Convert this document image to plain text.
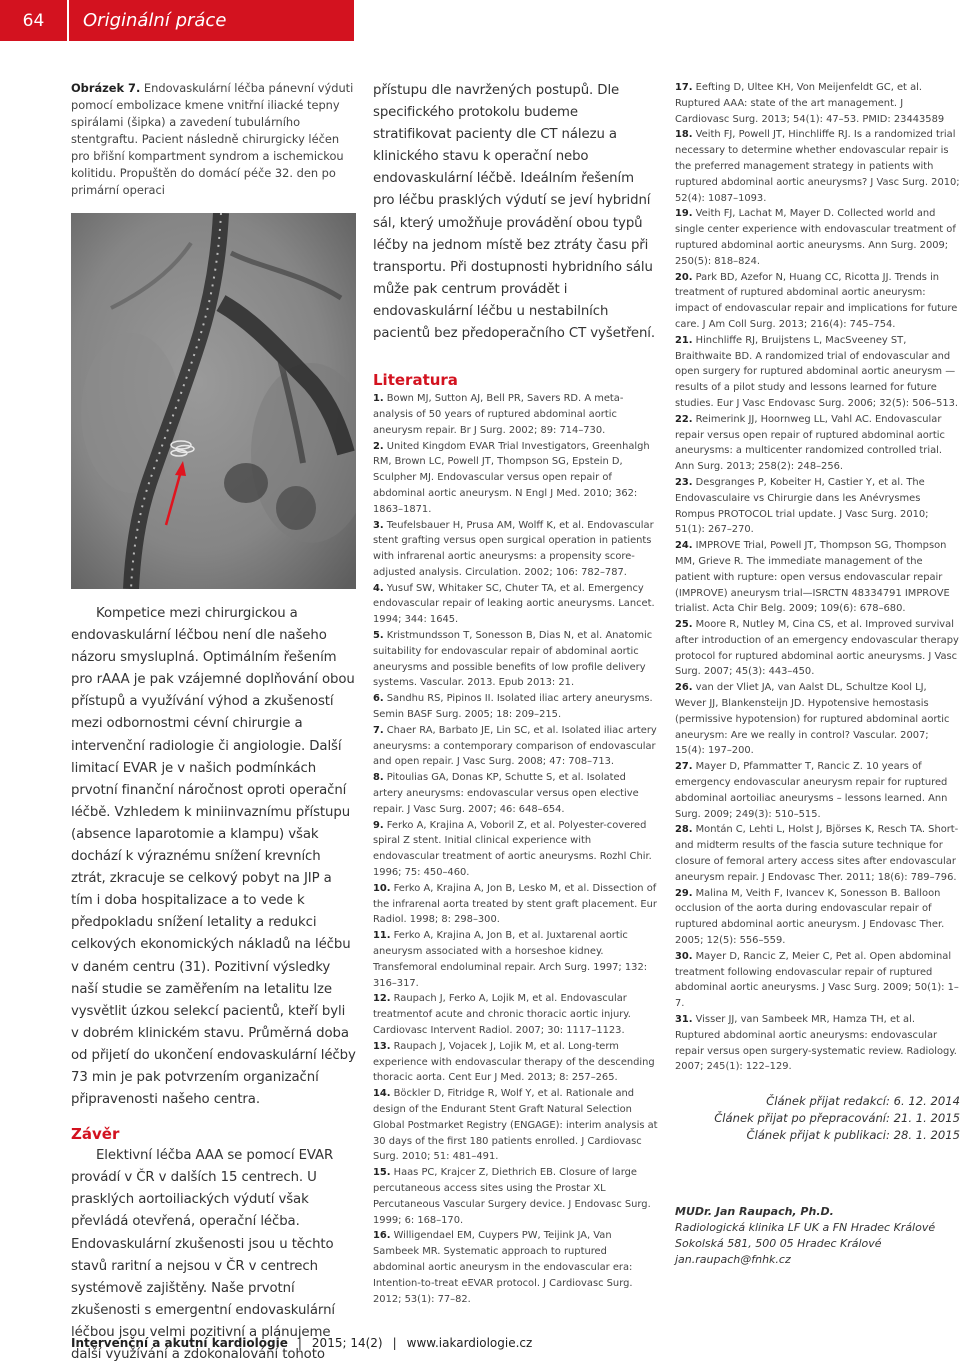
64	Originální práce

Obrázek 7. Endovaskulární léčba pánevní výduti pomocí embolizace kmene vnitřní iliacké tepny spirálami (šipka) a zavedení tubulárního stentgraftu. Pacient následně chirurgicky léčen pro břišní kompartment syndrom a ischemickou kolitidu. Propuštěn do domácí péče 32. den po primární operaci

Kompetice mezi chirurgickou a endovaskulární léčbou není dle našeho názoru smysluplná. Optimálním řešením pro rAAA je pak vzájemné doplňování obou přístupů a využívání výhod a zkušeností mezi odbornostmi cévní chirurgie a intervenční radiologie či angiologie. Další limitací EVAR je v našich podmínkách prvotní finanční náročnost oproti operační léčbě. Vzhledem k miniinvaznímu přístupu (absence laparotomie a klampu) však dochází k výraznému snížení krevních ztrát, zkracuje se celkový pobyt na JIP a tím i doba hospitalizace a to vede k předpokladu snížení letality a redukci celkových ekonomických nákladů na léčbu v daném centru (31). Pozitivní výsledky naší studie se zaměřením na letalitu lze vysvětlit úzkou selekcí pacientů, kteří byli v dobrém klinickém stavu. Průměrná doba od přijetí do ukončení endovaskulární léčby 73 min je pak potvrzením organizační připravenosti našeho centra.

Závěr

Elektivní léčba AAA se pomocí EVAR provádí v ČR v dalších 15 centrech. U prasklých aortoiliackých výdutí však převládá otevřená, operační léčba. Endovaskulární zkušenosti jsou u těchto stavů raritní a nejsou v ČR v centrech systémově zajištěny. Naše prvotní zkušenosti s emergentní endovaskulární léčbou jsou velmi pozitivní a plánujeme další využívání a zdokonalování tohoto

přístupu dle navržených postupů. Dle specifického protokolu budeme stratifikovat pacienty dle CT nálezu a klinického stavu k operační nebo endovaskulární léčbě. Ideálním řešením pro léčbu prasklých výdutí se jeví hybridní sál, který umožňuje provádění obou typů léčby na jednom místě bez ztráty času při transportu. Při dostupnosti hybridního sálu může pak centrum provádět i endovaskulární léčbu u nestabilních pacientů bez předoperačního CT vyšetření.

Literatura

1. Bown MJ, Sutton AJ, Bell PR, Savers RD. A meta-analysis of 50 years of ruptured abdominal aortic aneurysm repair. Br J Surg. 2002; 89: 714–730.

2. United Kingdom EVAR Trial Investigators, Greenhalgh RM, Brown LC, Powell JT, Thompson SG, Epstein D, Sculpher MJ. Endovascular versus open repair of abdominal aortic aneurysm. N Engl J Med. 2010; 362: 1863–1871.

3. Teufelsbauer H, Prusa AM, Wolff K, et al. Endovascular stent grafting versus open surgical operation in patients with infrarenal aortic aneurysms: a propensity score-adjusted analysis. Circulation. 2002; 106: 782–787.

4. Yusuf SW, Whitaker SC, Chuter TA, et al. Emergency endovascular repair of leaking aortic aneurysms. Lancet. 1994; 344: 1645.

5. Kristmundsson T, Sonesson B, Dias N, et al. Anatomic suitability for endovascular repair of abdominal aortic aneurysms and possible benefits of low profile delivery systems. Vascular. 2013. Epub 2013: 21.

6. Sandhu RS, Pipinos II. Isolated iliac artery aneurysms. Semin BASF Surg. 2005; 18: 209–215.

7. Chaer RA, Barbato JE, Lin SC, et al. Isolated iliac artery aneurysms: a contemporary comparison of endovascular and open repair. J Vasc Surg. 2008; 47: 708–713.

8. Pitoulias GA, Donas KP, Schutte S, et al. Isolated artery aneurysms: endovascular versus open elective repair. J Vasc Surg. 2007; 46: 648–654.

9. Ferko A, Krajina A, Voboril Z, et al. Polyester-covered spiral Z stent. Initial clinical experience with endovascular treatment of aortic aneurysms. Rozhl Chir. 1996; 75: 450–460.

10. Ferko A, Krajina A, Jon B, Lesko M, et al. Dissection of the infrarenal aorta treated by stent graft placement. Eur Radiol. 1998; 8: 298–300.

11. Ferko A, Krajina A, Jon B, et al. Juxtarenal aortic aneurysm associated with a horseshoe kidney. Transfemoral endoluminal repair. Arch Surg. 1997; 132: 316–317.

12. Raupach J, Ferko A, Lojik M, et al. Endovascular treatmentof acute and chronic thoracic aortic injury. Cardiovasc Intervent Radiol. 2007; 30: 1117–1123.

13. Raupach J, Vojacek J, Lojik M, et al. Long-term experience with endovascular therapy of the descending thoracic aorta. Cent Eur J Med. 2013; 8: 257–265.

14. Böckler D, Fitridge R, Wolf Y, et al. Rationale and design of the Endurant Stent Graft Natural Selection Global Postmarket Registry (ENGAGE): interim analysis at 30 days of the first 180 patients enrolled. J Cardiovasc Surg. 2010; 51: 481–491.

15. Haas PC, Krajcer Z, Diethrich EB. Closure of large percutaneous access sites using the Prostar XL Percutaneous Vascular Surgery device. J Endovasc Surg. 1999; 6: 168–170.

16. Willigendael EM, Cuypers PW, Teijink JA, Van Sambeek MR. Systematic approach to ruptured abdominal aortic aneurysm in the endovascular era: Intention-to-treat eEVAR protocol. J Cardiovasc Surg. 2012; 53(1): 77–82.

17. Eefting D, Ultee KH, Von Meijenfeldt GC, et al. Ruptured AAA: state of the art management. J Cardiovasc Surg. 2013; 54(1): 47–53. PMID: 23443589

18. Veith FJ, Powell JT, Hinchliffe RJ. Is a randomized trial necessary to determine whether endovascular repair is the preferred management strategy in patients with ruptured abdominal aortic aneurysms? J Vasc Surg. 2010; 52(4): 1087–1093.

19. Veith FJ, Lachat M, Mayer D. Collected world and single center experience with endovascular treatment of ruptured abdominal aortic aneurysms. Ann Surg. 2009; 250(5): 818–824.

20. Park BD, Azefor N, Huang CC, Ricotta JJ. Trends in treatment of ruptured abdominal aortic aneurysm: impact of endovascular repair and implications for future care. J Am Coll Surg. 2013; 216(4): 745–754.

21. Hinchliffe RJ, Bruijstens L, MacSveeney ST, Braithwaite BD. A randomized trial of endovascular and open surgery for ruptured abdominal aortic aneurysm — results of a pilot study and lessons learned for future studies. Eur J Vasc Endovasc Surg. 2006; 32(5): 506–513.

22. Reimerink JJ, Hoornweg LL, Vahl AC. Endovascular repair versus open repair of ruptured abdominal aortic aneurysms: a multicenter randomized controlled trial. Ann Surg. 2013; 258(2): 248–256.

23. Desgranges P, Kobeiter H, Castier Y, et al. The Endovasculaire vs Chirurgie dans les Anévrysmes Rompus PROTOCOL trial update. J Vasc Surg. 2010; 51(1): 267–270.

24. IMPROVE Trial, Powell JT, Thompson SG, Thompson MM, Grieve R. The immediate management of the patient with rupture: open versus endovascular repair (IMPROVE) aneurysm trial—ISRCTN 48334791 IMPROVE trialist. Acta Chir Belg. 2009; 109(6): 678–680.

25. Moore R, Nutley M, Cina CS, et al. Improved survival after introduction of an emergency endovascular therapy protocol for ruptured abdominal aortic aneurysms. J Vasc Surg. 2007; 45(3): 443–450.

26. van der Vliet JA, van Aalst DL, Schultze Kool LJ, Wever JJ, Blankensteijn JD. Hypotensive hemostasis (permissive hypotension) for ruptured abdominal aortic aneurysm: Are we really in control? Vascular. 2007; 15(4): 197–200.

27. Mayer D, Pfammatter T, Rancic Z. 10 years of emergency endovascular aneurysm repair for ruptured abdominal aortoiliac aneurysms – lessons learned. Ann Surg. 2009; 249(3): 510–515.

28. Montán C, Lehti L, Holst J, Björses K, Resch TA. Short- and midterm results of the fascia suture technique for closure of femoral artery access sites after endovascular aneurysm repair. J Endovasc Ther. 2011; 18(6): 789–796.

29. Malina M, Veith F, Ivancev K, Sonesson B. Balloon occlusion of the aorta during endovascular repair of ruptured abdominal aortic aneurysm. J Endovasc Ther. 2005; 12(5): 556–559.

30. Mayer D, Rancic Z, Meier C, Pet al. Open abdominal treatment following endovascular repair of ruptured abdominal aortic aneurysms. J Vasc Surg. 2009; 50(1): 1–7.

31. Visser JJ, van Sambeek MR, Hamza TH, et al. Ruptured abdominal aortic aneurysms: endovascular repair versus open surgery-systematic review. Radiology. 2007; 245(1): 122–129.

Článek přijat redakcí: 6. 12. 2014
Článek přijat po přepracování: 21. 1. 2015
Článek přijat k publikaci: 28. 1. 2015
MUDr. Jan Raupach, Ph.D.
Radiologická klinika LF UK a FN Hradec Králové
Sokolská 581, 500 05 Hradec Králové
jan.raupach@fnhk.cz
Intervenční a akutní kardiologie | 2015; 14(2) | www.iakardiologie.cz
